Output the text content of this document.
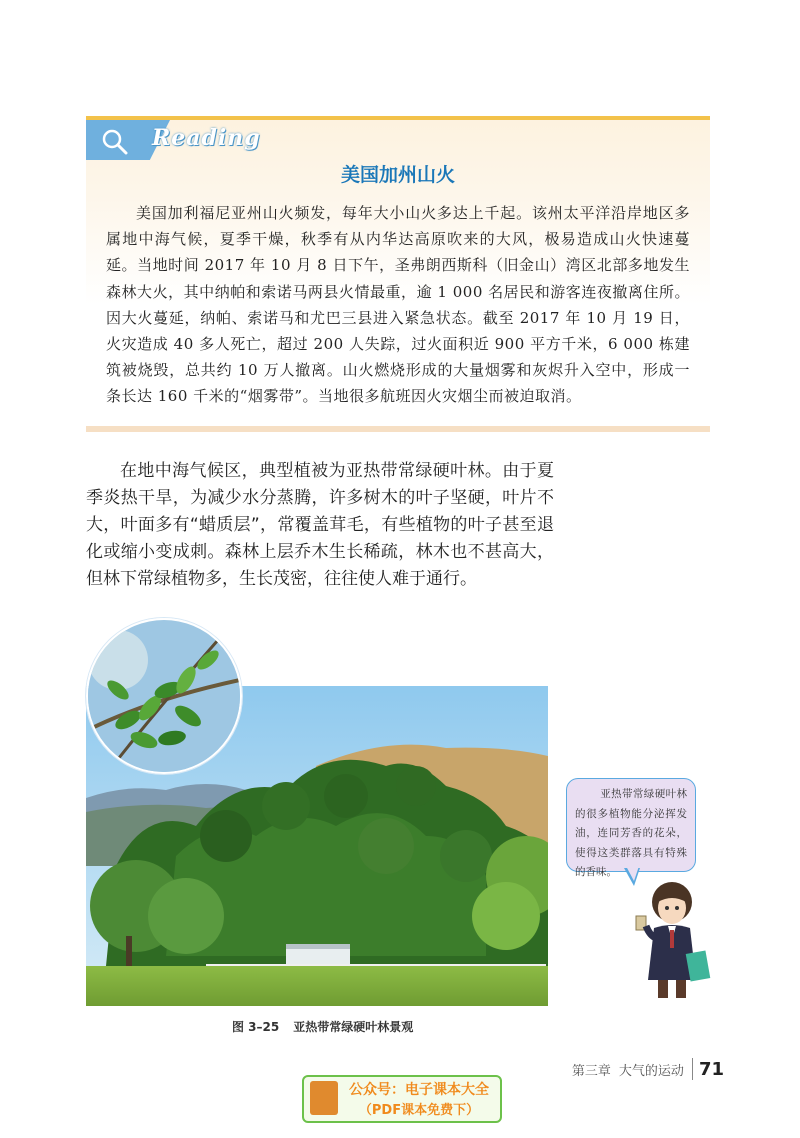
Reading
美国加州山火
美国加利福尼亚州山火频发，每年大小山火多达上千起。该州太平洋沿岸地区多属地中海气候，夏季干燥，秋季有从内华达高原吹来的大风，极易造成山火快速蔓延。当地时间 2017 年 10 月 8 日下午，圣弗朗西斯科（旧金山）湾区北部多地发生森林大火，其中纳帕和索诺马两县火情最重，逾 1 000 名居民和游客连夜撤离住所。因大火蔓延，纳帕、索诺马和尤巴三县进入紧急状态。截至 2017 年 10 月 19 日，火灾造成 40 多人死亡，超过 200 人失踪，过火面积近 900 平方千米，6 000 栋建筑被烧毁，总共约 10 万人撤离。山火燃烧形成的大量烟雾和灰烬升入空中，形成一条长达 160 千米的“烟雾带”。当地很多航班因火灾烟尘而被迫取消。
在地中海气候区，典型植被为亚热带常绿硬叶林。由于夏季炎热干旱，为减少水分蒸腾，许多树木的叶子坚硬，叶片不大，叶面多有“蜡质层”，常覆盖茸毛，有些植物的叶子甚至退化或缩小变成刺。森林上层乔木生长稀疏，林木也不甚高大，但林下常绿植物多，生长茂密，往往使人难于通行。
图 3–25 亚热带常绿硬叶林景观
亚热带常绿硬叶林的很多植物能分泌挥发油，连同芳香的花朵，使得这类群落具有特殊的香味。
第三章 大气的运动 71
公众号：电子课本大全
（PDF课本免费下）
